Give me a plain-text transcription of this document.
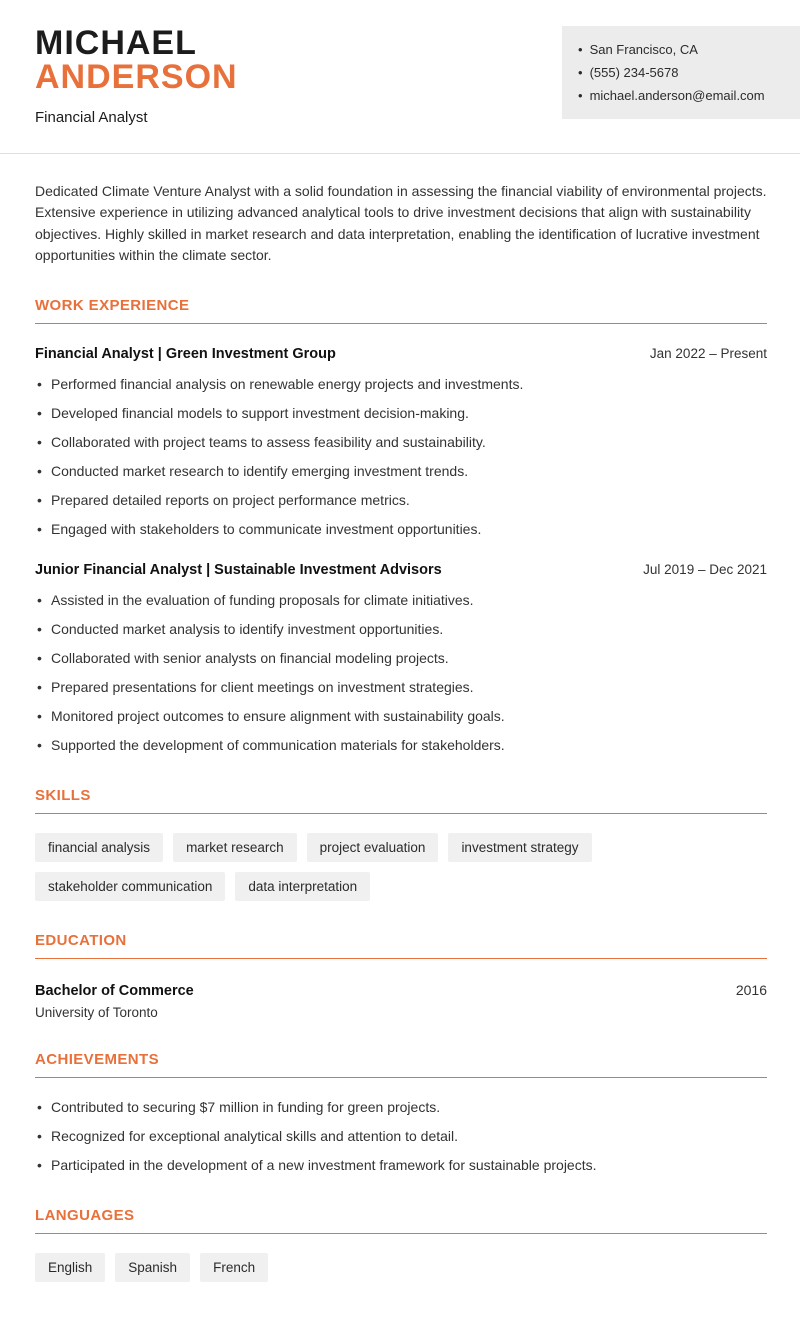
MICHAEL
ANDERSON
Financial Analyst
• San Francisco, CA
• (555) 234-5678
• michael.anderson@email.com

Dedicated Climate Venture Analyst with a solid foundation in assessing the financial viability of environmental projects. Extensive experience in utilizing advanced analytical tools to drive investment decisions that align with sustainability objectives. Highly skilled in market research and data interpretation, enabling the identification of lucrative investment opportunities within the climate sector.

WORK EXPERIENCE
Financial Analyst | Green Investment Group	Jan 2022 – Present
• Performed financial analysis on renewable energy projects and investments.
• Developed financial models to support investment decision-making.
• Collaborated with project teams to assess feasibility and sustainability.
• Conducted market research to identify emerging investment trends.
• Prepared detailed reports on project performance metrics.
• Engaged with stakeholders to communicate investment opportunities.
Junior Financial Analyst | Sustainable Investment Advisors	Jul 2019 – Dec 2021
• Assisted in the evaluation of funding proposals for climate initiatives.
• Conducted market analysis to identify investment opportunities.
• Collaborated with senior analysts on financial modeling projects.
• Prepared presentations for client meetings on investment strategies.
• Monitored project outcomes to ensure alignment with sustainability goals.
• Supported the development of communication materials for stakeholders.
SKILLS
financial analysis	market research	project evaluation	investment strategy
stakeholder communication	data interpretation
EDUCATION
Bachelor of Commerce	2016
University of Toronto
ACHIEVEMENTS
• Contributed to securing $7 million in funding for green projects.
• Recognized for exceptional analytical skills and attention to detail.
• Participated in the development of a new investment framework for sustainable projects.
LANGUAGES
English	Spanish	French
